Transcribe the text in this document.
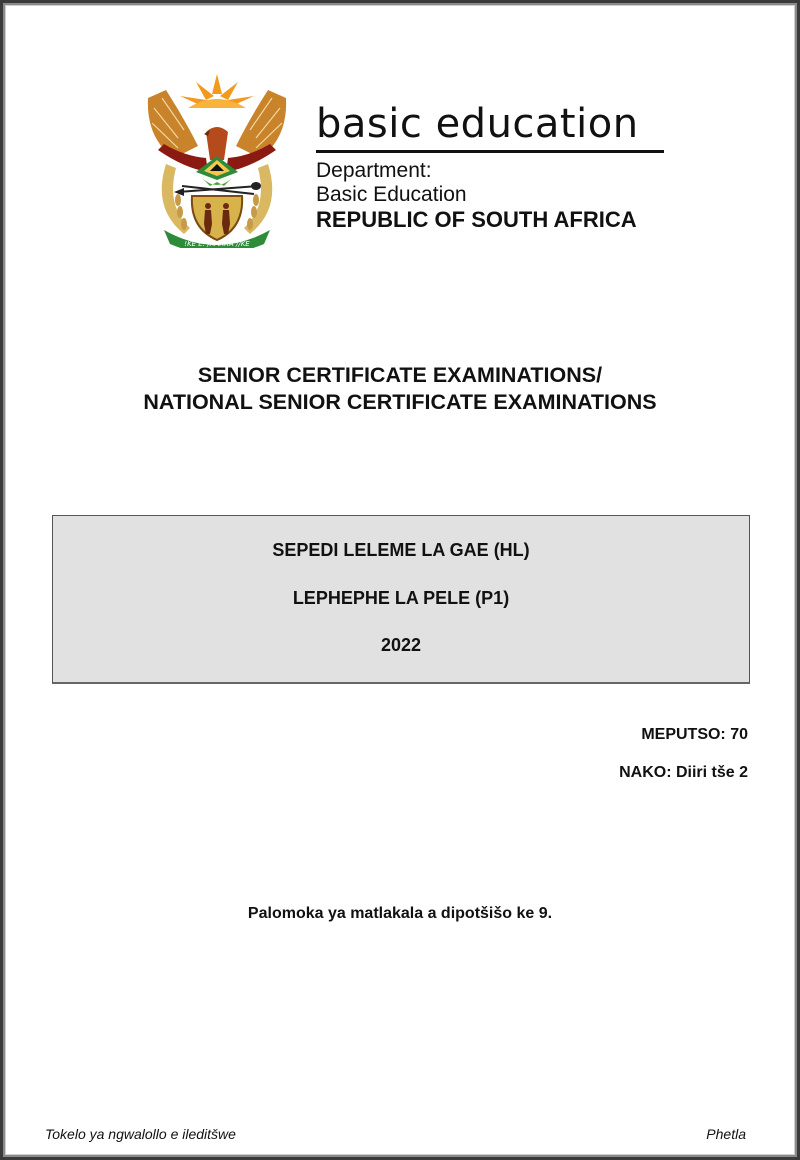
!KE E: /XARRA //KE

basic education

Department:

Basic Education

REPUBLIC OF SOUTH AFRICA

SENIOR CERTIFICATE EXAMINATIONS/
NATIONAL SENIOR CERTIFICATE EXAMINATIONS
SEPEDI LELEME LA GAE (HL)
LEPHEPHE LA PELE (P1)
2022
MEPUTSO: 70
NAKO: Diiri tše 2
Palomoka ya matlakala a dipotšišo ke 9.
Tokelo ya ngwalollo e ileditšwe	Phetla
